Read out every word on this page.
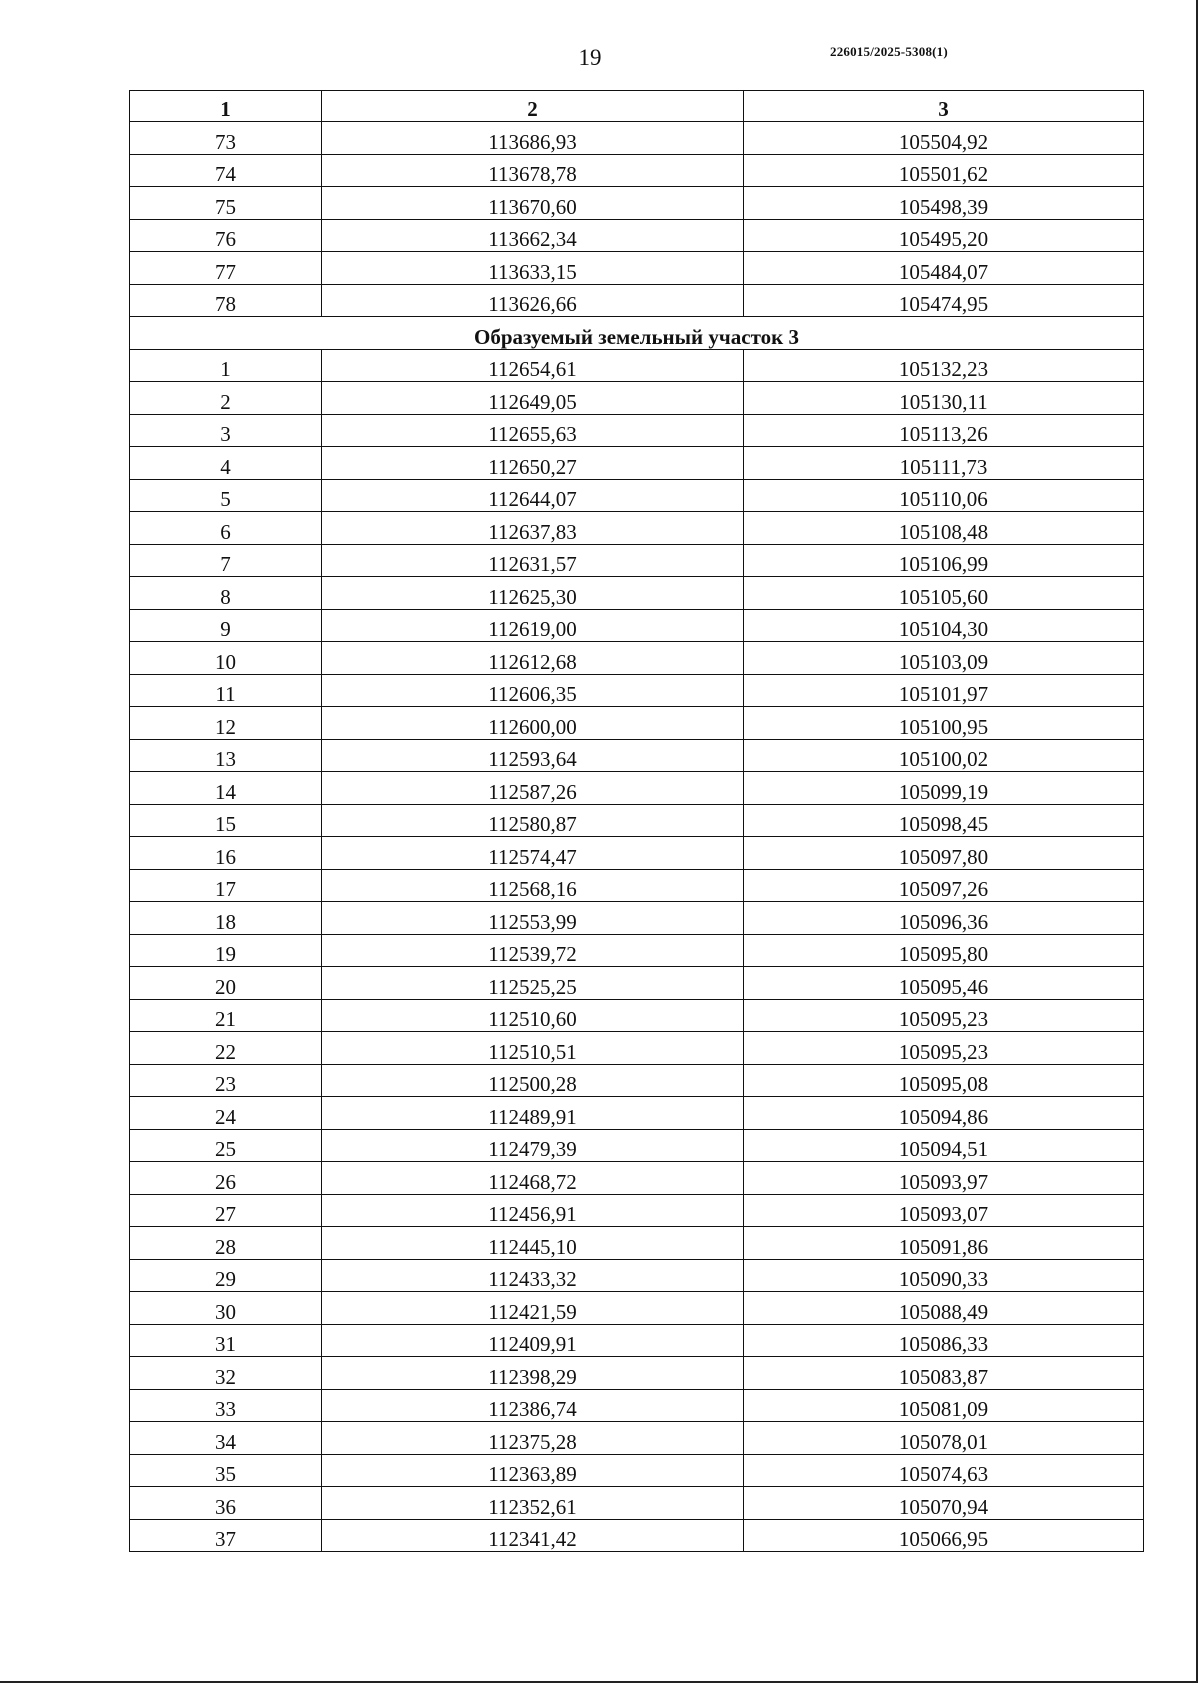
19	226015/2025-5308(1)
1	2	3
73	113686,93	105504,92
74	113678,78	105501,62
75	113670,60	105498,39
76	113662,34	105495,20
77	113633,15	105484,07
78	113626,66	105474,95
Образуемый земельный участок 3		
1	112654,61	105132,23
2	112649,05	105130,11
3	112655,63	105113,26
4	112650,27	105111,73
5	112644,07	105110,06
6	112637,83	105108,48
7	112631,57	105106,99
8	112625,30	105105,60
9	112619,00	105104,30
10	112612,68	105103,09
11	112606,35	105101,97
12	112600,00	105100,95
13	112593,64	105100,02
14	112587,26	105099,19
15	112580,87	105098,45
16	112574,47	105097,80
17	112568,16	105097,26
18	112553,99	105096,36
19	112539,72	105095,80
20	112525,25	105095,46
21	112510,60	105095,23
22	112510,51	105095,23
23	112500,28	105095,08
24	112489,91	105094,86
25	112479,39	105094,51
26	112468,72	105093,97
27	112456,91	105093,07
28	112445,10	105091,86
29	112433,32	105090,33
30	112421,59	105088,49
31	112409,91	105086,33
32	112398,29	105083,87
33	112386,74	105081,09
34	112375,28	105078,01
35	112363,89	105074,63
36	112352,61	105070,94
37	112341,42	105066,95
